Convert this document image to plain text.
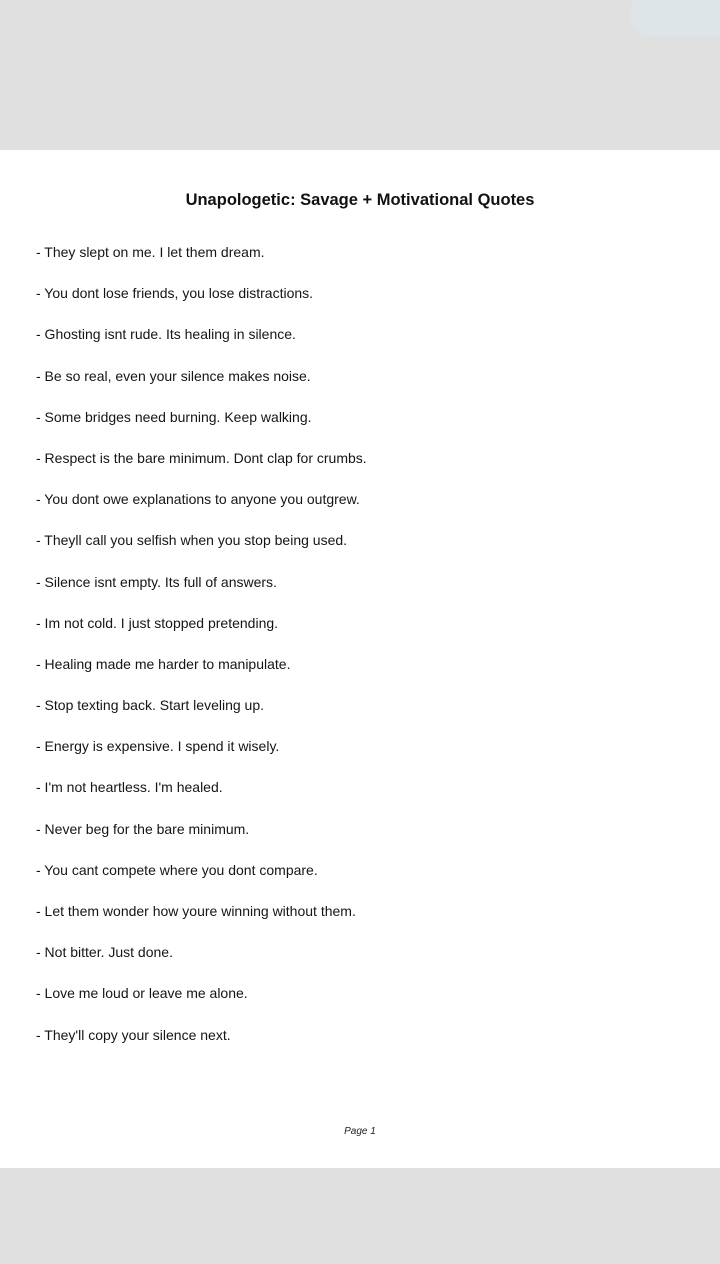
Unapologetic: Savage + Motivational Quotes
- They slept on me. I let them dream.
- You dont lose friends, you lose distractions.
- Ghosting isnt rude. Its healing in silence.
- Be so real, even your silence makes noise.
- Some bridges need burning. Keep walking.
- Respect is the bare minimum. Dont clap for crumbs.
- You dont owe explanations to anyone you outgrew.
- Theyll call you selfish when you stop being used.
- Silence isnt empty. Its full of answers.
- Im not cold. I just stopped pretending.
- Healing made me harder to manipulate.
- Stop texting back. Start leveling up.
- Energy is expensive. I spend it wisely.
- I'm not heartless. I'm healed.
- Never beg for the bare minimum.
- You cant compete where you dont compare.
- Let them wonder how youre winning without them.
- Not bitter. Just done.
- Love me loud or leave me alone.
- They'll copy your silence next.
Page 1
